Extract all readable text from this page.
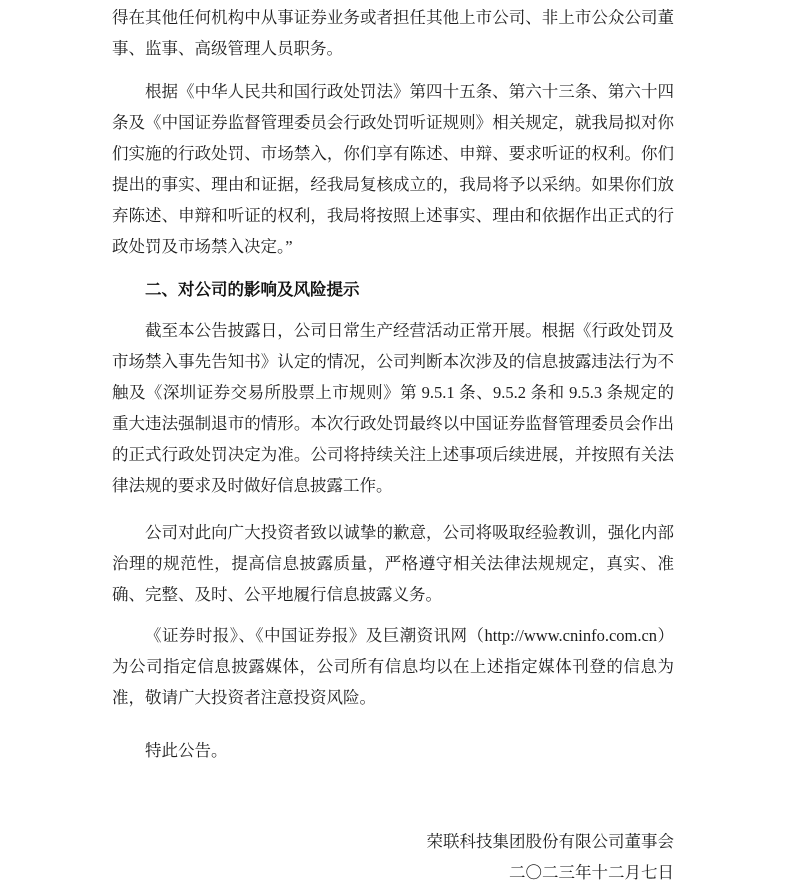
得在其他任何机构中从事证券业务或者担任其他上市公司、非上市公众公司董事、监事、高级管理人员职务。

根据《中华人民共和国行政处罚法》第四十五条、第六十三条、第六十四条及《中国证券监督管理委员会行政处罚听证规则》相关规定，就我局拟对你们实施的行政处罚、市场禁入，你们享有陈述、申辩、要求听证的权利。你们提出的事实、理由和证据，经我局复核成立的，我局将予以采纳。如果你们放弃陈述、申辩和听证的权利，我局将按照上述事实、理由和依据作出正式的行政处罚及市场禁入决定。”

二、对公司的影响及风险提示

截至本公告披露日，公司日常生产经营活动正常开展。根据《行政处罚及市场禁入事先告知书》认定的情况，公司判断本次涉及的信息披露违法行为不触及《深圳证券交易所股票上市规则》第 9.5.1 条、9.5.2 条和 9.5.3 条规定的重大违法强制退市的情形。本次行政处罚最终以中国证券监督管理委员会作出的正式行政处罚决定为准。公司将持续关注上述事项后续进展，并按照有关法律法规的要求及时做好信息披露工作。

公司对此向广大投资者致以诚挚的歉意，公司将吸取经验教训，强化内部治理的规范性，提高信息披露质量，严格遵守相关法律法规规定，真实、准确、完整、及时、公平地履行信息披露义务。

《证券时报》、《中国证券报》及巨潮资讯网（http://www.cninfo.com.cn）为公司指定信息披露媒体，公司所有信息均以在上述指定媒体刊登的信息为准，敬请广大投资者注意投资风险。

特此公告。

荣联科技集团股份有限公司董事会

二〇二三年十二月七日
